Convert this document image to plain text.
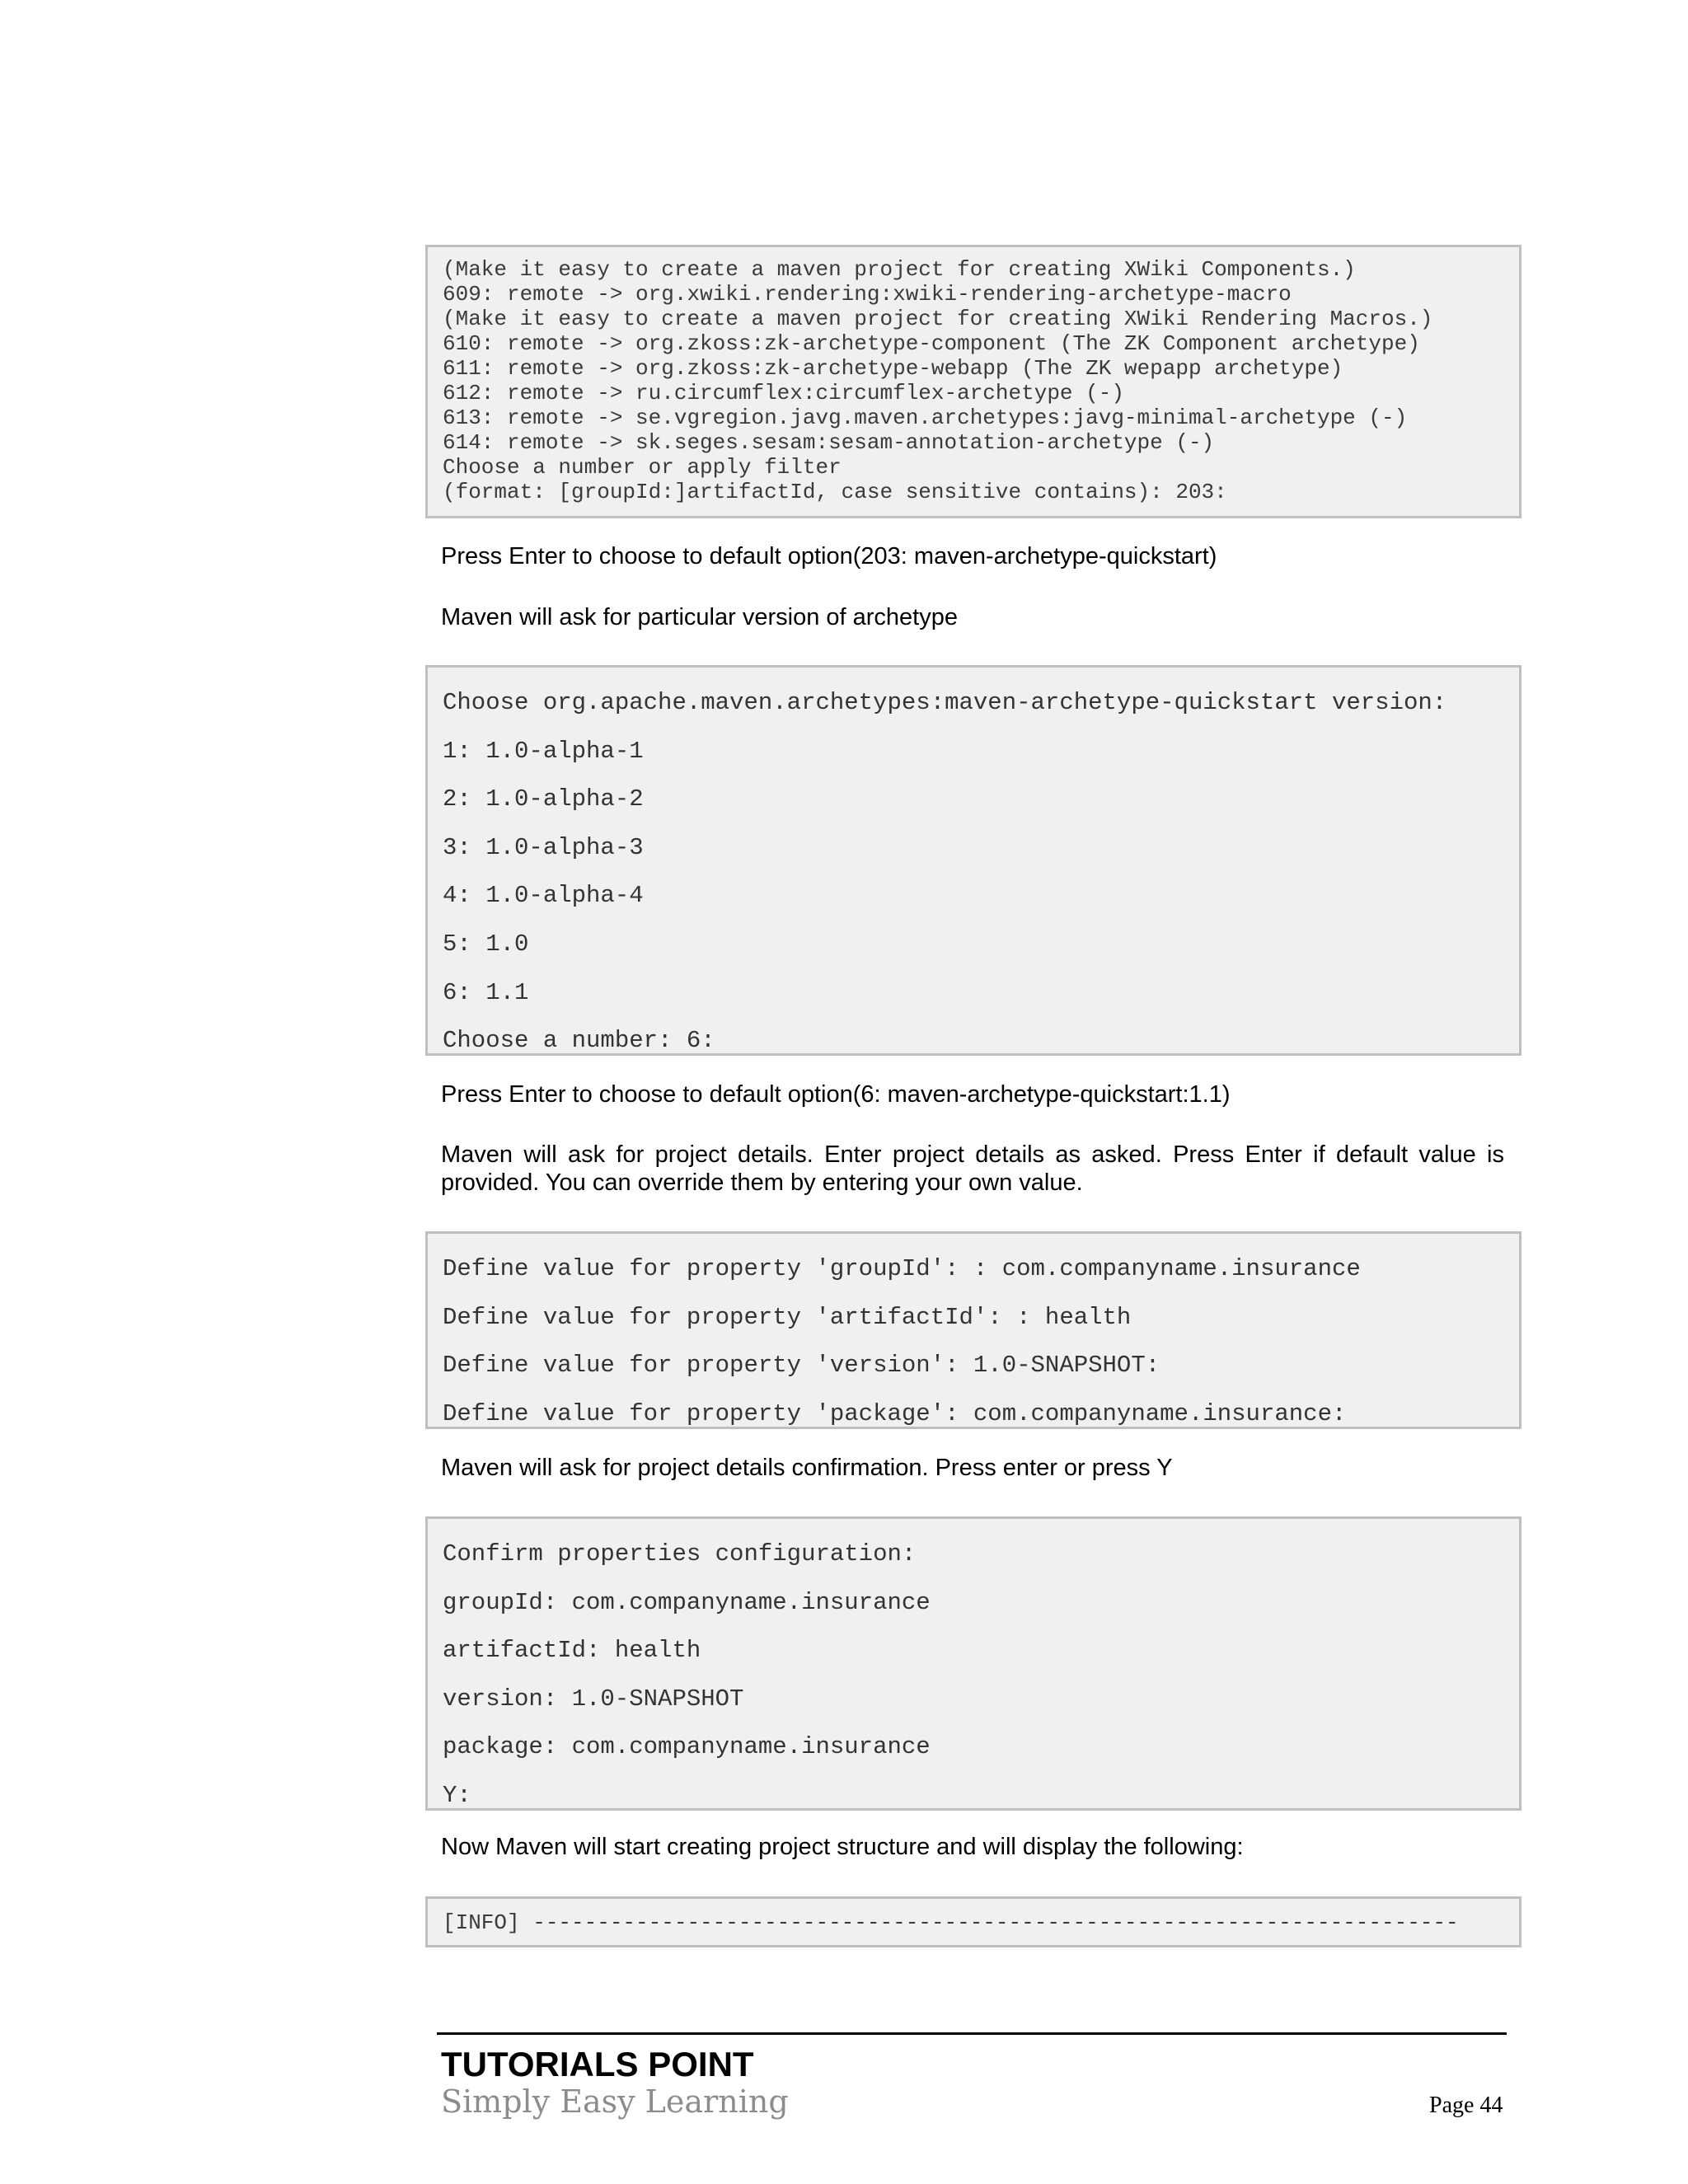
(Make it easy to create a maven project for creating XWiki Components.)
609: remote -> org.xwiki.rendering:xwiki-rendering-archetype-macro
(Make it easy to create a maven project for creating XWiki Rendering Macros.)
610: remote -> org.zkoss:zk-archetype-component (The ZK Component archetype)
611: remote -> org.zkoss:zk-archetype-webapp (The ZK wepapp archetype)
612: remote -> ru.circumflex:circumflex-archetype (-)
613: remote -> se.vgregion.javg.maven.archetypes:javg-minimal-archetype (-)
614: remote -> sk.seges.sesam:sesam-annotation-archetype (-)
Choose a number or apply filter
(format: [groupId:]artifactId, case sensitive contains): 203:

Press Enter to choose to default option(203: maven-archetype-quickstart)

Maven will ask for particular version of archetype

Choose org.apache.maven.archetypes:maven-archetype-quickstart version:
1: 1.0-alpha-1
2: 1.0-alpha-2
3: 1.0-alpha-3
4: 1.0-alpha-4
5: 1.0
6: 1.1
Choose a number: 6:

Press Enter to choose to default option(6: maven-archetype-quickstart:1.1)

Maven will ask for project details. Enter project details as asked. Press Enter if default value is provided. You can override them by entering your own value.

Define value for property 'groupId': : com.companyname.insurance
Define value for property 'artifactId': : health
Define value for property 'version': 1.0-SNAPSHOT:
Define value for property 'package': com.companyname.insurance:

Maven will ask for project details confirmation. Press enter or press Y

Confirm properties configuration:
groupId: com.companyname.insurance
artifactId: health
version: 1.0-SNAPSHOT
package: com.companyname.insurance
Y:

Now Maven will start creating project structure and will display the following:

[INFO] ------------------------------------------------------------------------

TUTORIALS POINT

Simply Easy Learning	Page 44
